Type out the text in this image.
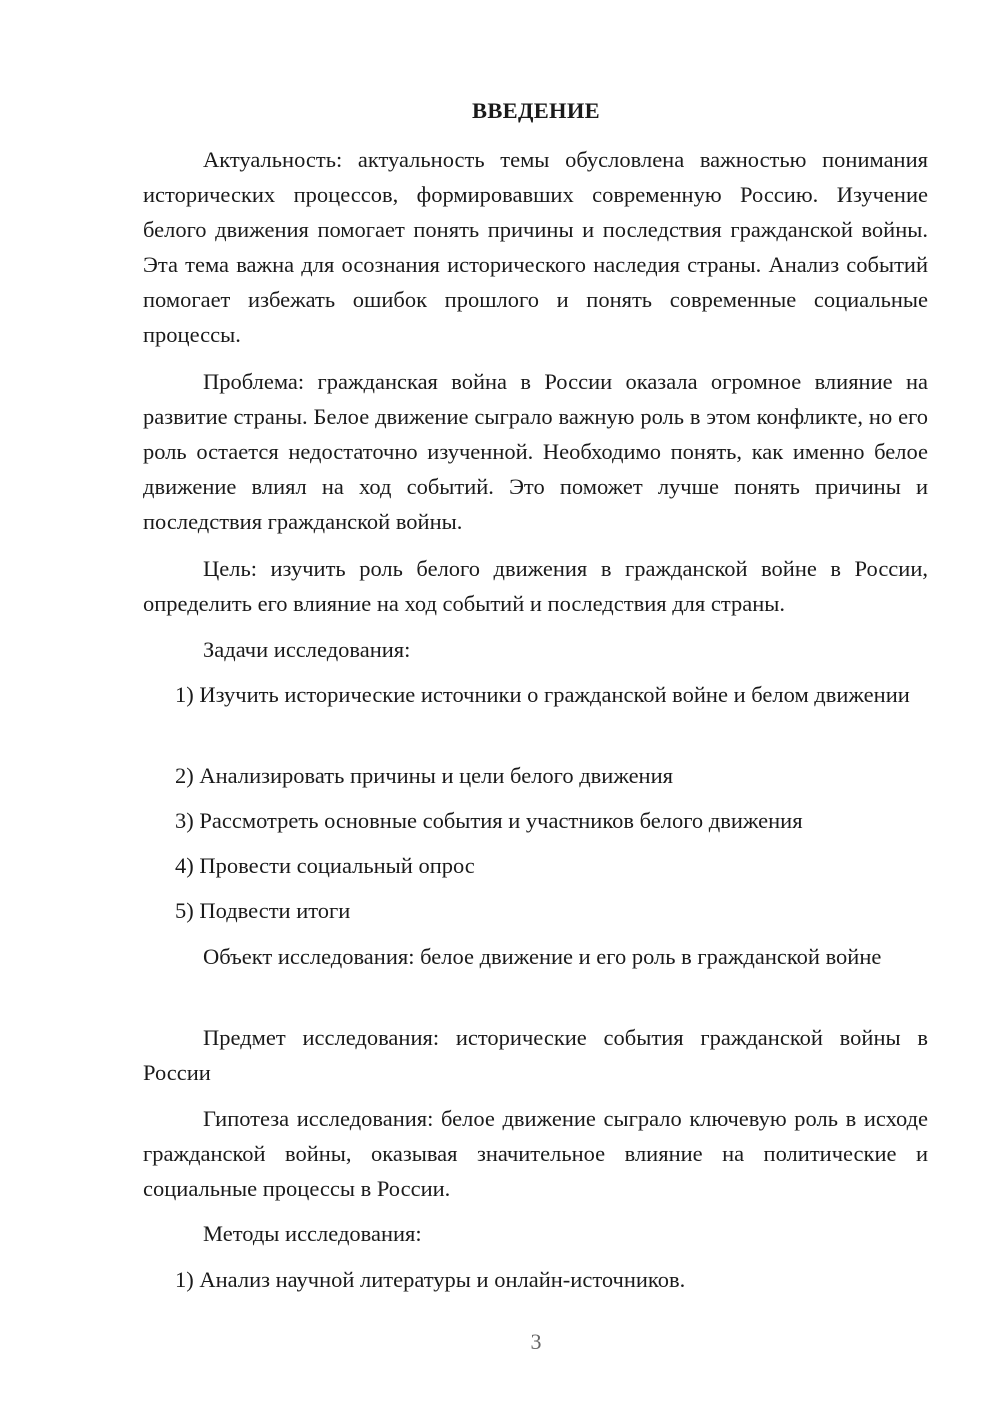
ВВЕДЕНИЕ

Актуальность: актуальность темы обусловлена важностью понимания исторических процессов, формировавших современную Россию. Изучение белого движения помогает понять причины и последствия гражданской войны. Эта тема важна для осознания исторического наследия страны. Анализ событий помогает избежать ошибок прошлого и понять современные социальные процессы.

Проблема: гражданская война в России оказала огромное влияние на развитие страны. Белое движение сыграло важную роль в этом конфликте, но его роль остается недостаточно изученной. Необходимо понять, как именно белое движение влиял на ход событий. Это поможет лучше понять причины и последствия гражданской войны.

Цель: изучить роль белого движения в гражданской войне в России, определить его влияние на ход событий и последствия для страны.

Задачи исследования:

1) Изучить исторические источники о гражданской войне и белом движении

2) Анализировать причины и цели белого движения

3) Рассмотреть основные события и участников белого движения

4) Провести социальный опрос

5) Подвести итоги

Объект исследования: белое движение и его роль в гражданской войне

Предмет исследования: исторические события гражданской войны в России

Гипотеза исследования: белое движение сыграло ключевую роль в исходе гражданской войны, оказывая значительное влияние на политические и социальные процессы в России.

Методы исследования:

1) Анализ научной литературы и онлайн-источников.

3
